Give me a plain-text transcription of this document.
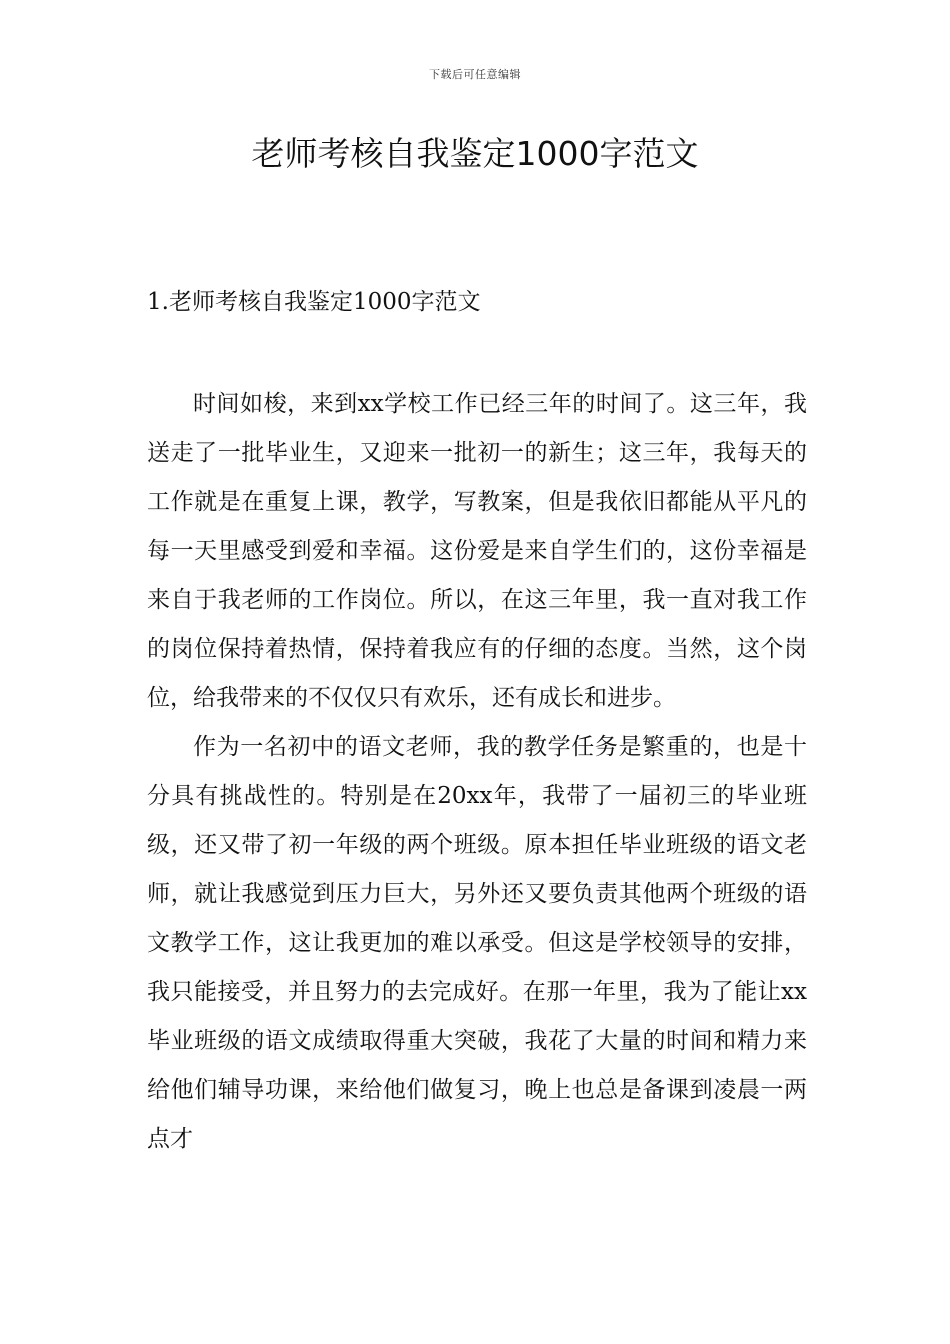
下载后可任意编辑
老师考核自我鉴定1000字范文
1.老师考核自我鉴定1000字范文

时间如梭，来到xx学校工作已经三年的时间了。这三年，我送走了一批毕业生，又迎来一批初一的新生；这三年，我每天的工作就是在重复上课，教学，写教案，但是我依旧都能从平凡的每一天里感受到爱和幸福。这份爱是来自学生们的，这份幸福是来自于我老师的工作岗位。所以，在这三年里，我一直对我工作的岗位保持着热情，保持着我应有的仔细的态度。当然，这个岗位，给我带来的不仅仅只有欢乐，还有成长和进步。

作为一名初中的语文老师，我的教学任务是繁重的，也是十分具有挑战性的。特别是在20xx年，我带了一届初三的毕业班级，还又带了初一年级的两个班级。原本担任毕业班级的语文老师，就让我感觉到压力巨大，另外还又要负责其他两个班级的语文教学工作，这让我更加的难以承受。但这是学校领导的安排，我只能接受，并且努力的去完成好。在那一年里，我为了能让xx毕业班级的语文成绩取得重大突破，我花了大量的时间和精力来给他们辅导功课，来给他们做复习，晚上也总是备课到凌晨一两点才
